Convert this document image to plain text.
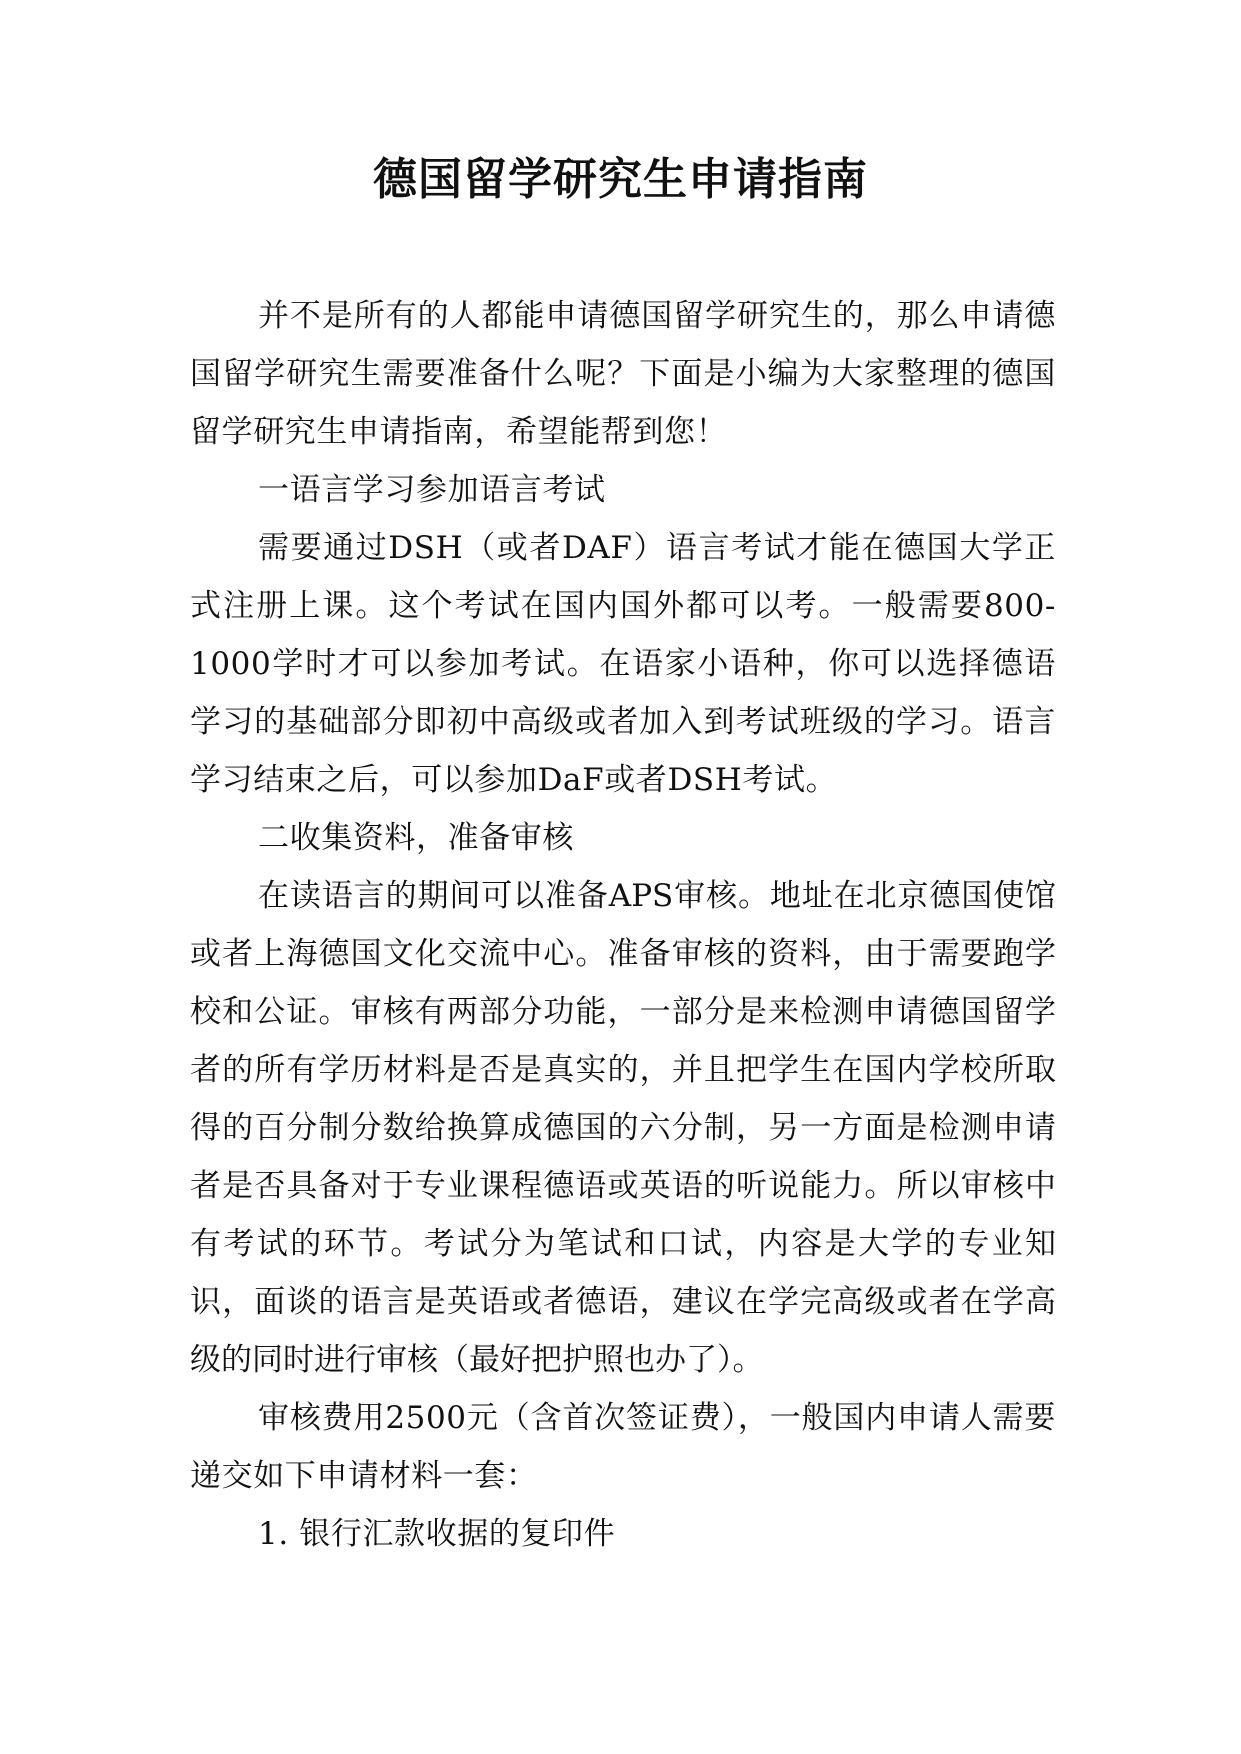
德国留学研究生申请指南

并不是所有的人都能申请德国留学研究生的，那么申请德国留学研究生需要准备什么呢？下面是小编为大家整理的德国留学研究生申请指南，希望能帮到您！

一语言学习参加语言考试

需要通过DSH（或者DAF）语言考试才能在德国大学正式注册上课。这个考试在国内国外都可以考。一般需要800-1000学时才可以参加考试。在语家小语种，你可以选择德语学习的基础部分即初中高级或者加入到考试班级的学习。语言学习结束之后，可以参加DaF或者DSH考试。

二收集资料，准备审核

在读语言的期间可以准备APS审核。地址在北京德国使馆或者上海德国文化交流中心。准备审核的资料，由于需要跑学校和公证。审核有两部分功能，一部分是来检测申请德国留学者的所有学历材料是否是真实的，并且把学生在国内学校所取得的百分制分数给换算成德国的六分制，另一方面是检测申请者是否具备对于专业课程德语或英语的听说能力。所以审核中有考试的环节。考试分为笔试和口试，内容是大学的专业知识，面谈的语言是英语或者德语，建议在学完高级或者在学高级的同时进行审核（最好把护照也办了）。

审核费用2500元（含首次签证费），一般国内申请人需要递交如下申请材料一套：

1. 银行汇款收据的复印件
